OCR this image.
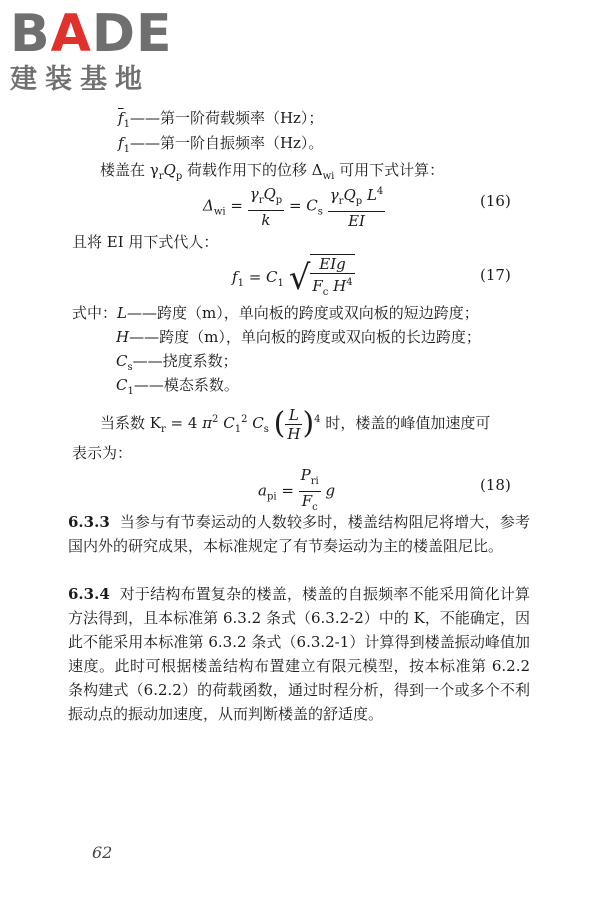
BADE
建装基地
$\overline{f}_1——$第一阶荷载频率（Hz）；
$f_1——$第一阶自振频率（Hz）。
楼盖在 $\gamma_rQ_p$ 荷载作用下的位移 $\Delta_{wi}$ 可用下式计算：
$\Delta_{wi} = \frac{\gamma_rQ_p}{k} = C_s \frac{\gamma_rQ_p L^4}{EI}$	(16)
且将 EI 用下式代人：
$f_1 = C_1$ √ $\frac{\text{EIg}}{F_c H^4}$	(17)
式中：L——跨度（m），单向板的跨度或双向板的短边跨度；
H——跨度（m），单向板的跨度或双向板的长边跨度；
$C_s——$挠度系数；
$C_1——$模态系数。
当系数 $K_r = 4$ $\pi^2$ $C_1^2$ $C_s$ ( $\frac{L}{H} )^4$ 时，楼盖的峰值加速度可
表示为：
$a_{pi} = \frac{P_{ri}}{F_c}$ g	(18)
6.3.3 当参与有节奏运动的人数较多时，楼盖结构阻尼将增大，参考国内外的研究成果，本标准规定了有节奏运动为主的楼盖阻尼比。
6.3.4 对于结构布置复杂的楼盖，楼盖的自振频率不能采用简化计算方法得到，且本标准第 6.3.2 条式（6.3.2-2）中的 K，不能确定，因此不能采用本标准第 6.3.2 条式（6.3.2-1）计算得到楼盖振动峰值加速度。此时可根据楼盖结构布置建立有限元模型，按本标准第 6.2.2 条构建式（6.2.2）的荷载函数，通过时程分析，得到一个或多个不利振动点的振动加速度，从而判断楼盖的舒适度。
62
